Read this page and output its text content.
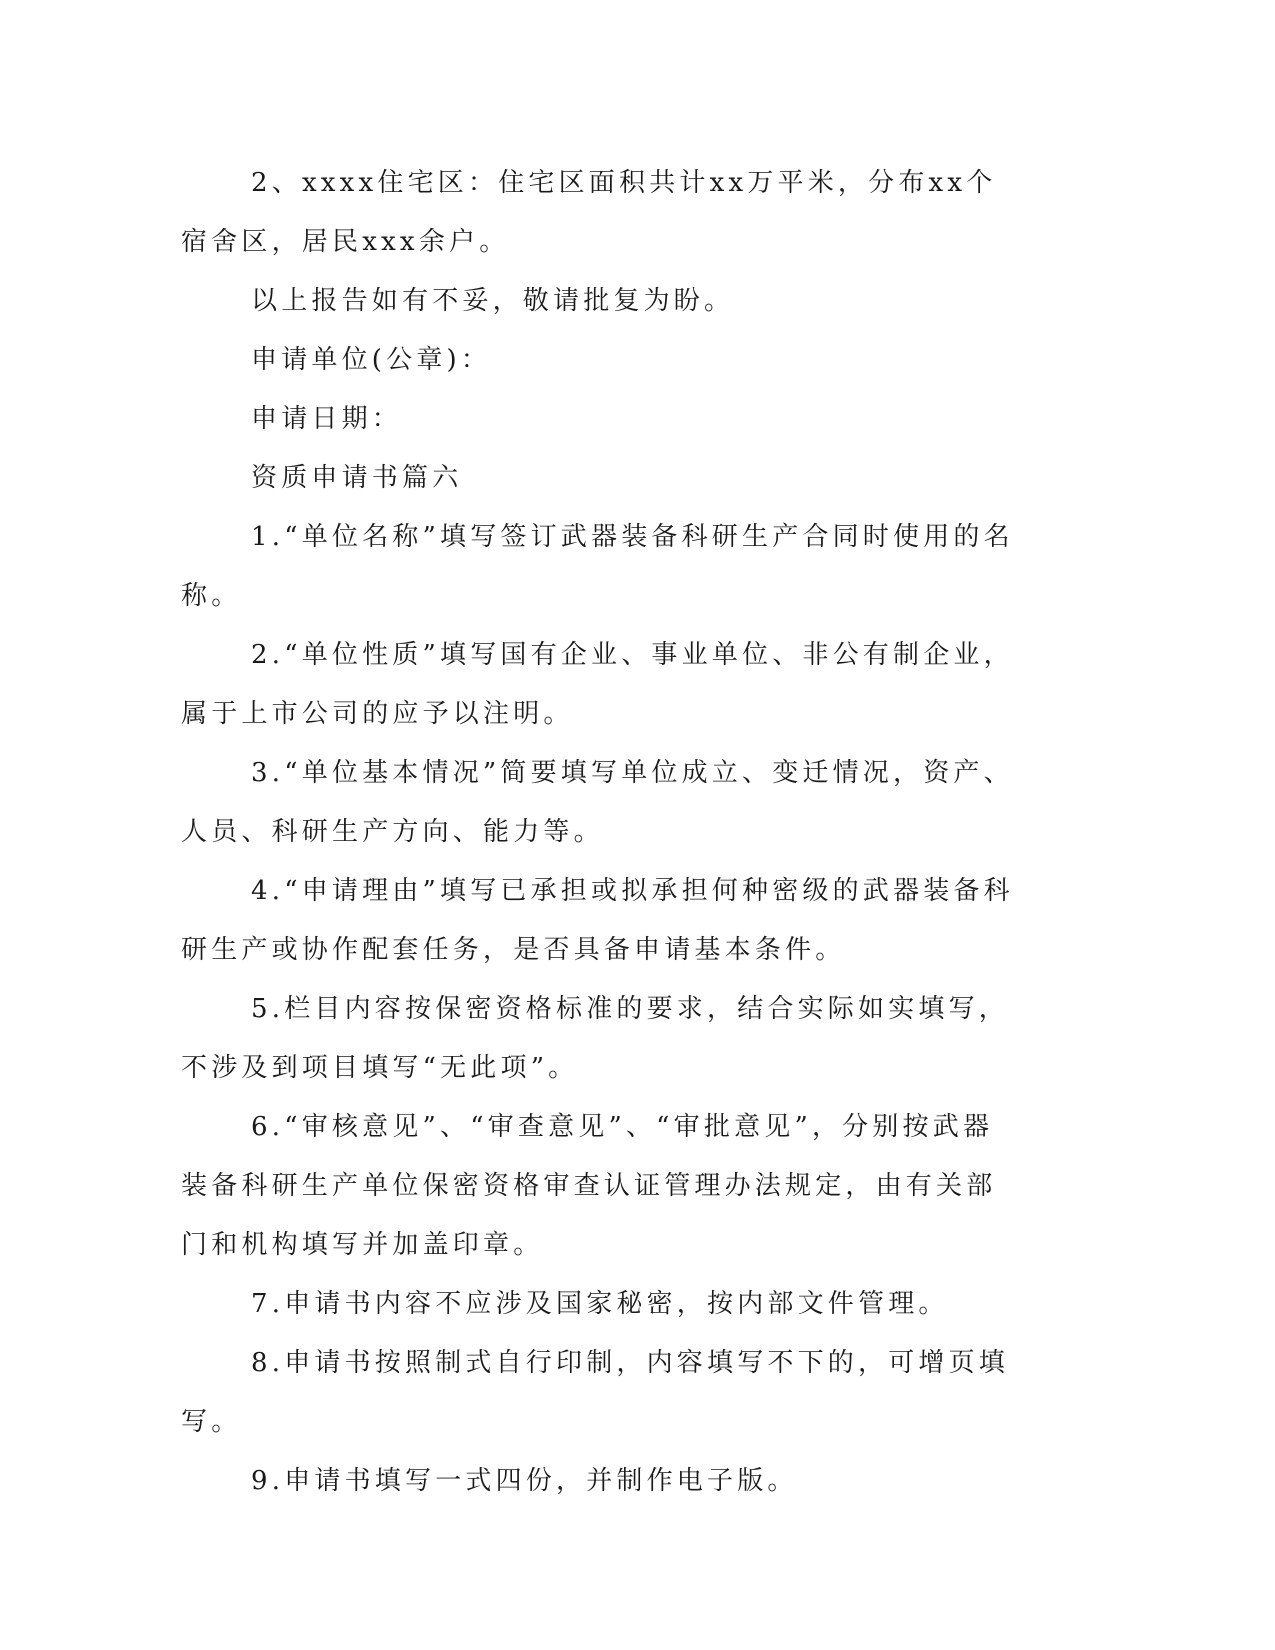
2、xxxx住宅区：住宅区面积共计xx万平米，分布xx个宿舍区，居民xxx余户。

以上报告如有不妥，敬请批复为盼。

申请单位(公章)：

申请日期：

资质申请书篇六

1.“单位名称”填写签订武器装备科研生产合同时使用的名称。

2.“单位性质”填写国有企业、事业单位、非公有制企业，属于上市公司的应予以注明。

3.“单位基本情况”简要填写单位成立、变迁情况，资产、人员、科研生产方向、能力等。

4.“申请理由”填写已承担或拟承担何种密级的武器装备科研生产或协作配套任务，是否具备申请基本条件。

5.栏目内容按保密资格标准的要求，结合实际如实填写，不涉及到项目填写“无此项”。

6.“审核意见”、“审查意见”、“审批意见”，分别按武器装备科研生产单位保密资格审查认证管理办法规定，由有关部门和机构填写并加盖印章。

7.申请书内容不应涉及国家秘密，按内部文件管理。

8.申请书按照制式自行印制，内容填写不下的，可增页填写。

9.申请书填写一式四份，并制作电子版。
